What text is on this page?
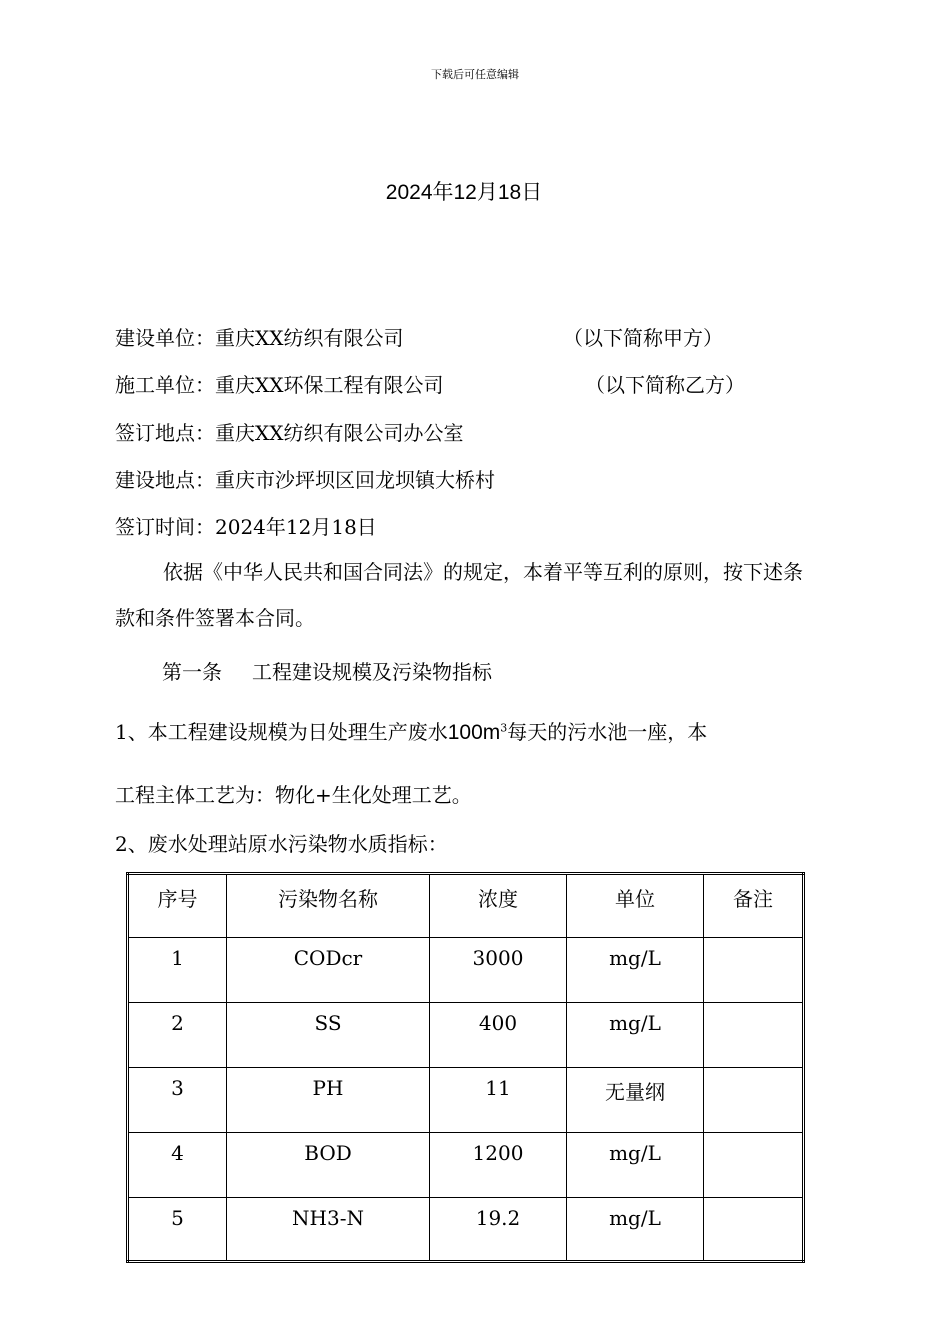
下载后可任意编辑
2024年12月18日
建设单位：重庆XX纺织有限公司	（以下简称甲方）
施工单位：重庆XX环保工程有限公司	（以下简称乙方）
签订地点：重庆XX纺织有限公司办公室
建设地点：重庆市沙坪坝区回龙坝镇大桥村
签订时间：2024年12月18日
依据《中华人民共和国合同法》的规定，本着平等互利的原则，按下述条款和条件签署本合同。
第一条 工程建设规模及污染物指标
1、本工程建设规模为日处理生产废水$100m^3$每天的污水池一座，本
工程主体工艺为：物化+生化处理工艺。
2、废水处理站原水污染物水质指标：
序号	污染物名称	浓度	单位	备注
1	CODcr	3000	mg/L	
2	SS	400	mg/L	
3	PH	11	无量纲	
4	BOD	1200	mg/L	
5	NH3-N	19.2	mg/L	
